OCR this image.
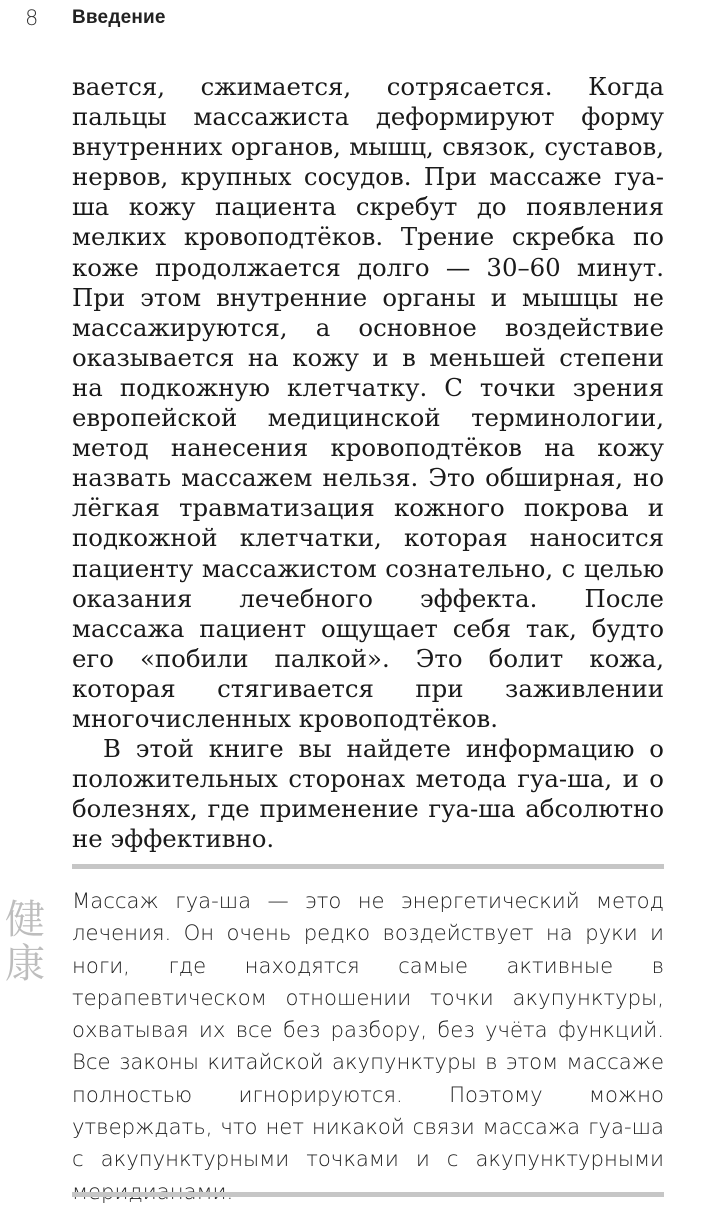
8 Введение

вается, сжимается, сотрясается. Когда пальцы массажиста деформируют форму внутренних органов, мышц, связок, суставов, нервов, крупных сосудов. При массаже гуа-ша кожу пациента скребут до появления мелких кровоподтёков. Трение скребка по коже продолжается долго — 30–60 минут. При этом внутренние органы и мышцы не массажируются, а основное воздействие оказывается на кожу и в меньшей степени на подкожную клетчатку. С точки зрения европейской медицинской терминологии, метод нанесения кровоподтёков на кожу назвать массажем нельзя. Это обширная, но лёгкая травматизация кожного покрова и подкожной клетчатки, которая наносится пациенту массажистом сознательно, с целью оказания лечебного эффекта. После массажа пациент ощущает себя так, будто его «побили палкой». Это болит кожа, которая стягивается при заживлении многочисленных кровоподтёков.

В этой книге вы найдете информацию о положительных сторонах метода гуа-ша, и о болезнях, где применение гуа-ша абсолютно не эффективно.

健康

Массаж гуа-ша — это не энергетический метод лечения. Он очень редко воздействует на руки и ноги, где находятся самые активные в терапевтическом отношении точки акупунктуры, охватывая их все без разбору, без учёта функций. Все законы китайской акупунктуры в этом массаже полностью игнорируются. Поэтому можно утверждать, что нет никакой связи массажа гуа-ша с акупунктурными точками и с акупунктурными
